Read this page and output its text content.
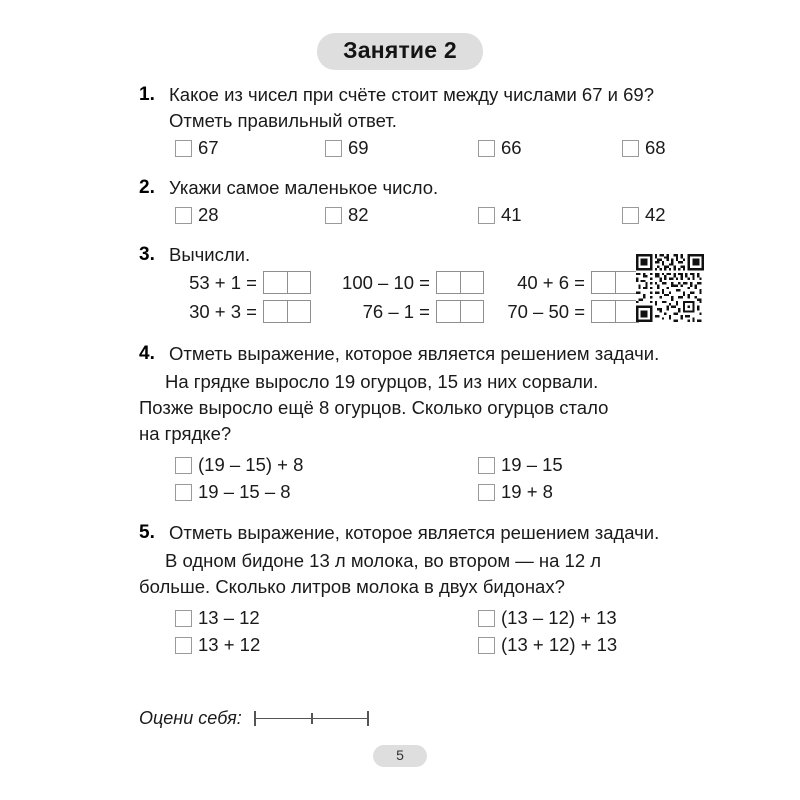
Занятие 2
1. Какое из чисел при счёте стоит между числами 67 и 69? Отметь правильный ответ.
67	69	66	68
2. Укажи самое маленькое число.
28	82	41	42
3. Вычисли.
53 + 1 =	100 – 10 =	40 + 6 =
30 + 3 =	76 – 1 =	70 – 50 =
4. Отметь выражение, которое является решением задачи.
На грядке выросло 19 огурцов, 15 из них сорвали.
Позже выросло ещё 8 огурцов. Сколько огурцов стало
на грядке?
(19 – 15) + 8	19 – 15
19 – 15 – 8	19 + 8
5. Отметь выражение, которое является решением задачи.
В одном бидоне 13 л молока, во втором — на 12 л
больше. Сколько литров молока в двух бидонах?
13 – 12	(13 – 12) + 13
13 + 12	(13 + 12) + 13
Оцени себя:
5
